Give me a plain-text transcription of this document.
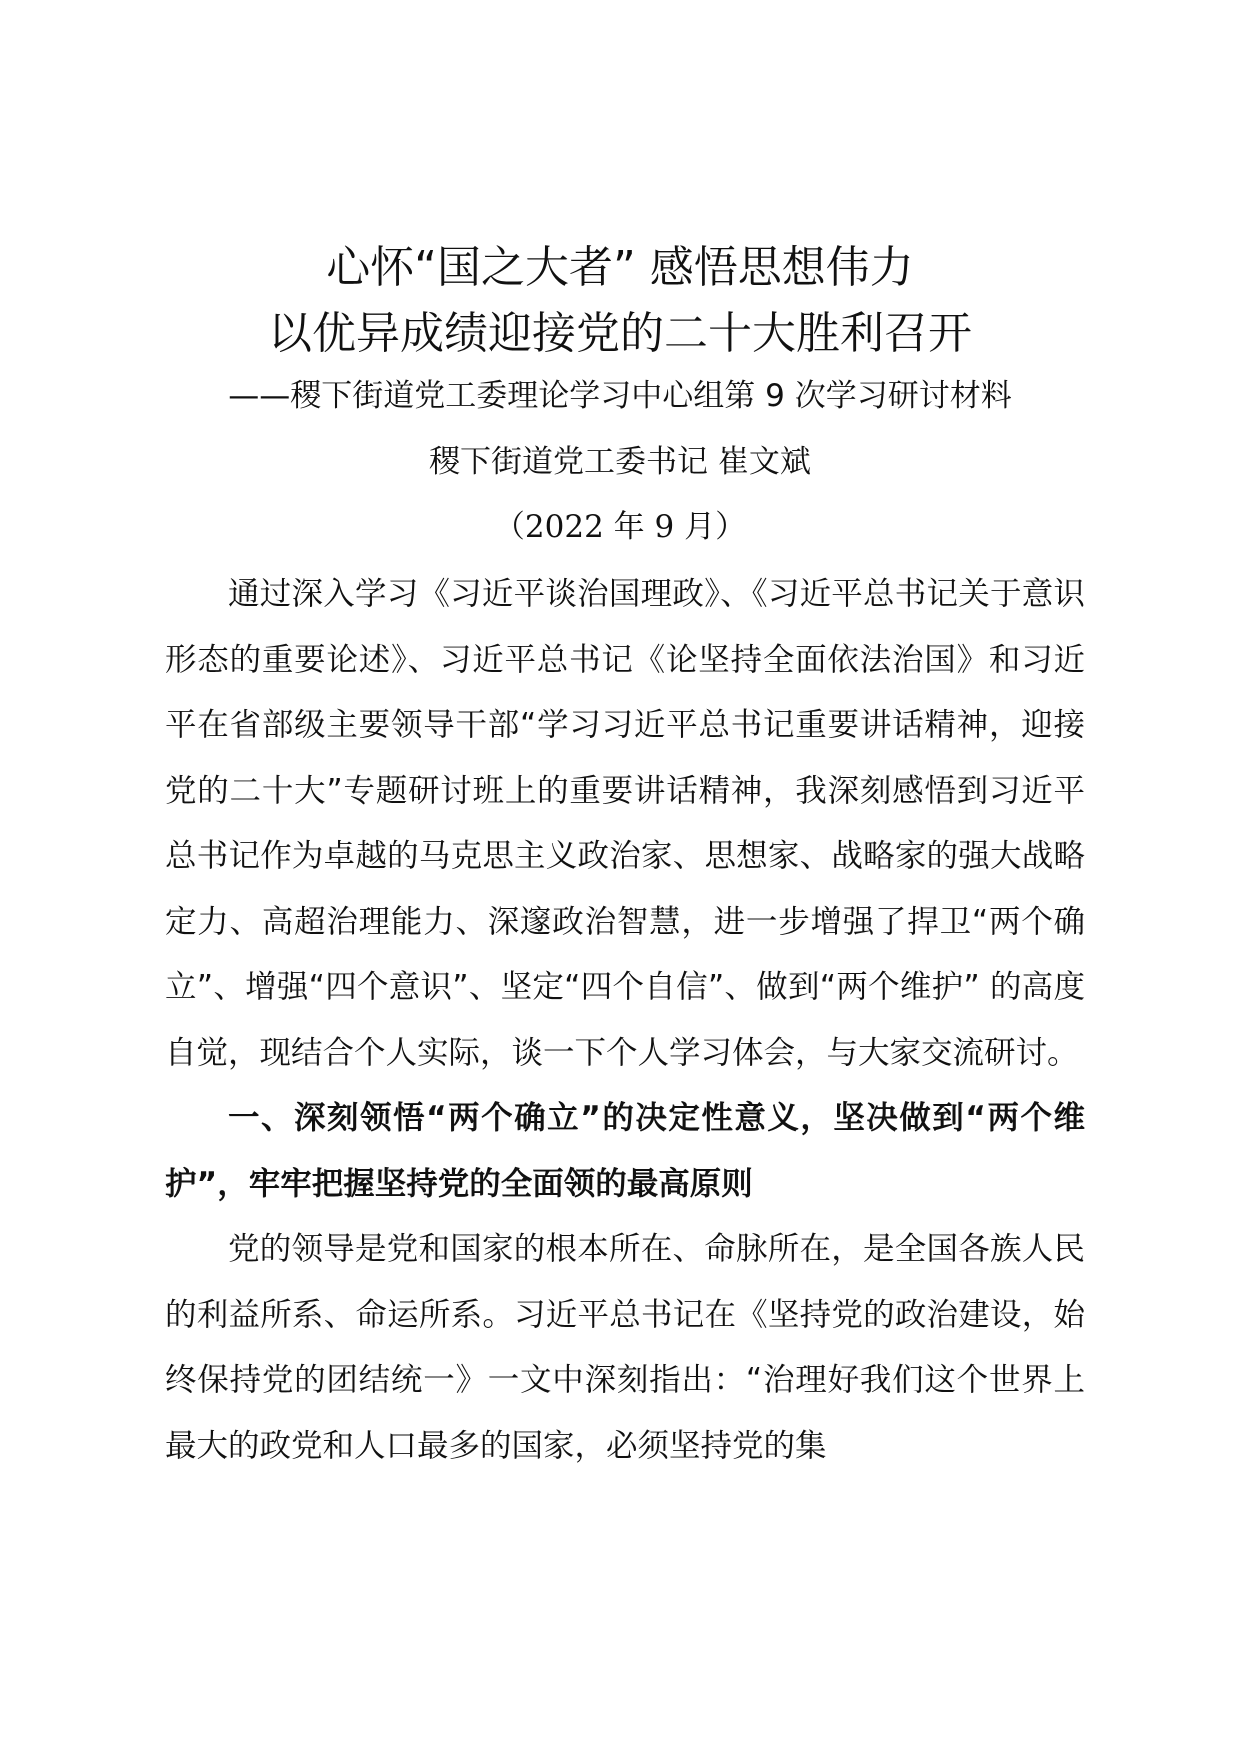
心怀“国之大者” 感悟思想伟力
以优异成绩迎接党的二十大胜利召开
——稷下街道党工委理论学习中心组第 9 次学习研讨材料
稷下街道党工委书记 崔文斌
（2022 年 9 月）

通过深入学习《习近平谈治国理政》、《习近平总书记关于意识形态的重要论述》、习近平总书记《论坚持全面依法治国》和习近平在省部级主要领导干部“学习习近平总书记重要讲话精神，迎接党的二十大”专题研讨班上的重要讲话精神，我深刻感悟到习近平总书记作为卓越的马克思主义政治家、思想家、战略家的强大战略定力、高超治理能力、深邃政治智慧，进一步增强了捍卫“两个确立”、增强“四个意识”、坚定“四个自信”、做到“两个维护” 的高度自觉，现结合个人实际，谈一下个人学习体会，与大家交流研讨。

一、深刻领悟“两个确立”的决定性意义，坚决做到“两个维护”，牢牢把握坚持党的全面领的最高原则

党的领导是党和国家的根本所在、命脉所在，是全国各族人民的利益所系、命运所系。习近平总书记在《坚持党的政治建设，始终保持党的团结统一》一文中深刻指出：“治理好我们这个世界上最大的政党和人口最多的国家，必须坚持党的集
